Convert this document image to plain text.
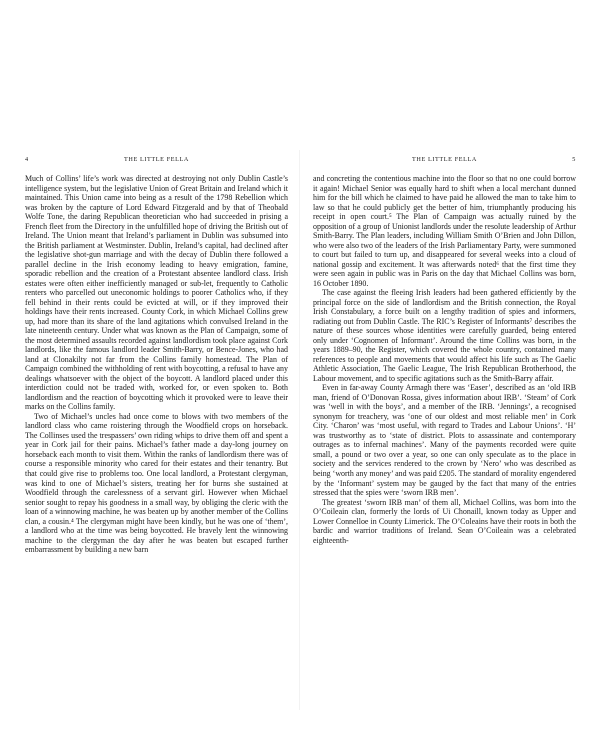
4	THE LITTLE FELLA

Much of Collins’ life’s work was directed at destroying not only Dublin Castle’s intelligence system, but the legislative Union of Great Britain and Ireland which it maintained. This Union came into being as a result of the 1798 Rebellion which was broken by the capture of Lord Edward Fitzgerald and by that of Theobald Wolfe Tone, the daring Republican theoretician who had succeeded in prising a French fleet from the Directory in the unfulfilled hope of driving the British out of Ireland. The Union meant that Ireland’s parliament in Dublin was subsumed into the British parliament at Westminster. Dublin, Ireland’s capital, had declined after the legislative shot-gun marriage and with the decay of Dublin there followed a parallel decline in the Irish economy leading to heavy emigration, famine, sporadic rebellion and the creation of a Protestant absentee landlord class. Irish estates were often either inefficiently managed or sub-let, frequently to Catholic renters who parcelled out uneconomic holdings to poorer Catholics who, if they fell behind in their rents could be evicted at will, or if they improved their holdings have their rents increased. County Cork, in which Michael Collins grew up, had more than its share of the land agitations which convulsed Ireland in the late nineteenth century. Under what was known as the Plan of Campaign, some of the most determined assaults recorded against landlordism took place against Cork landlords, like the famous landlord leader Smith-Barry, or Bence-Jones, who had land at Clonakilty not far from the Collins family homestead. The Plan of Campaign combined the withholding of rent with boycotting, a refusal to have any dealings whatsoever with the object of the boycott. A landlord placed under this interdiction could not be traded with, worked for, or even spoken to. Both landlordism and the reaction of boycotting which it provoked were to leave their marks on the Collins family.

Two of Michael’s uncles had once come to blows with two members of the landlord class who came roistering through the Woodfield crops on horseback. The Collinses used the trespassers’ own riding whips to drive them off and spent a year in Cork jail for their pains. Michael’s father made a day-long journey on horseback each month to visit them. Within the ranks of landlordism there was of course a responsible minority who cared for their estates and their tenantry. But that could give rise to problems too. One local landlord, a Protestant clergyman, was kind to one of Michael’s sisters, treating her for burns she sustained at Woodfield through the carelessness of a servant girl. However when Michael senior sought to repay his goodness in a small way, by obliging the cleric with the loan of a winnowing machine, he was beaten up by another member of the Collins clan, a cousin.⁴ The clergyman might have been kindly, but he was one of ‘them’, a landlord who at the time was being boycotted. He bravely lent the winnowing machine to the clergyman the day after he was beaten but escaped further embarrassment by building a new barn

THE LITTLE FELLA	5

and concreting the contentious machine into the floor so that no one could borrow it again! Michael Senior was equally hard to shift when a local merchant dunned him for the bill which he claimed to have paid he allowed the man to take him to law so that he could publicly get the better of him, triumphantly producing his receipt in open court.⁵ The Plan of Campaign was actually ruined by the opposition of a group of Unionist landlords under the resolute leadership of Arthur Smith-Barry. The Plan leaders, including William Smith O’Brien and John Dillon, who were also two of the leaders of the Irish Parliamentary Party, were summoned to court but failed to turn up, and disappeared for several weeks into a cloud of national gossip and excitement. It was afterwards noted⁶ that the first time they were seen again in public was in Paris on the day that Michael Collins was born, 16 October 1890.

The case against the fleeing Irish leaders had been gathered efficiently by the principal force on the side of landlordism and the British connection, the Royal Irish Constabulary, a force built on a lengthy tradition of spies and informers, radiating out from Dublin Castle. The RIC’s Register of Informants⁷ describes the nature of these sources whose identities were carefully guarded, being entered only under ‘Cognomen of Informant’. Around the time Collins was born, in the years 1889–90, the Register, which covered the whole country, contained many references to people and movements that would affect his life such as The Gaelic Athletic Association, The Gaelic League, The Irish Republican Brotherhood, the Labour movement, and to specific agitations such as the Smith-Barry affair.

Even in far-away County Armagh there was ‘Easer’, described as an ‘old IRB man, friend of O’Donovan Rossa, gives information about IRB’. ‘Steam’ of Cork was ‘well in with the boys’, and a member of the IRB. ‘Jennings’, a recognised synonym for treachery, was ‘one of our oldest and most reliable men’ in Cork City. ‘Charon’ was ‘most useful, with regard to Trades and Labour Unions’. ‘H’ was trustworthy as to ‘state of district. Plots to assassinate and contemporary outrages as to infernal machines’. Many of the payments recorded were quite small, a pound or two over a year, so one can only speculate as to the place in society and the services rendered to the crown by ‘Nero’ who was described as being ‘worth any money’ and was paid £205. The standard of morality engendered by the ‘Informant’ system may be gauged by the fact that many of the entries stressed that the spies were ‘sworn IRB men’.

The greatest ‘sworn IRB man’ of them all, Michael Collins, was born into the O’Coileain clan, formerly the lords of Ui Chonaill, known today as Upper and Lower Connelloe in County Limerick. The O’Coleains have their roots in both the bardic and warrior traditions of Ireland. Sean O’Coileain was a celebrated eighteenth-
